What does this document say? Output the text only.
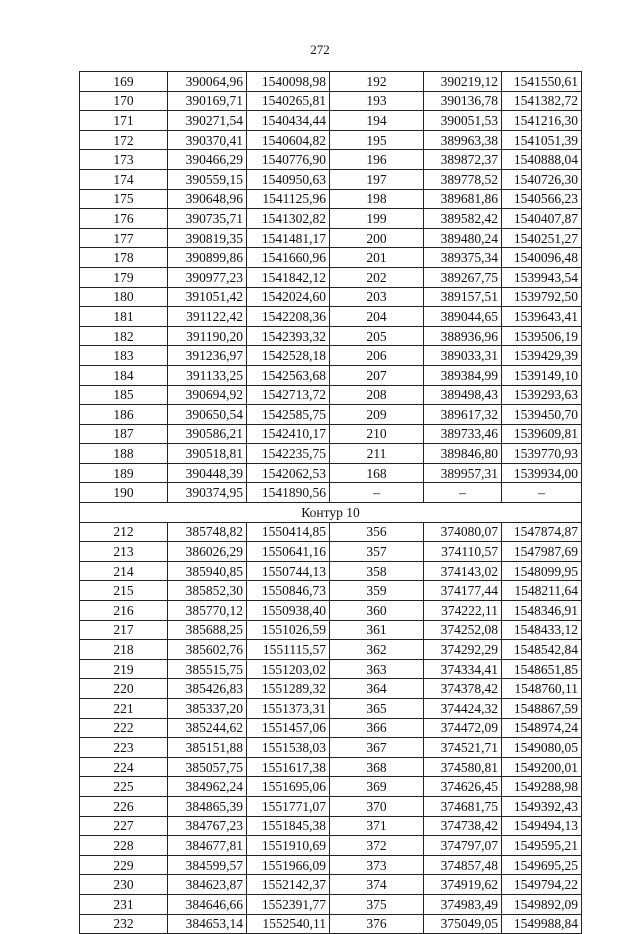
272
169	390064,96	1540098,98	192	390219,12	1541550,61
170	390169,71	1540265,81	193	390136,78	1541382,72
171	390271,54	1540434,44	194	390051,53	1541216,30
172	390370,41	1540604,82	195	389963,38	1541051,39
173	390466,29	1540776,90	196	389872,37	1540888,04
174	390559,15	1540950,63	197	389778,52	1540726,30
175	390648,96	1541125,96	198	389681,86	1540566,23
176	390735,71	1541302,82	199	389582,42	1540407,87
177	390819,35	1541481,17	200	389480,24	1540251,27
178	390899,86	1541660,96	201	389375,34	1540096,48
179	390977,23	1541842,12	202	389267,75	1539943,54
180	391051,42	1542024,60	203	389157,51	1539792,50
181	391122,42	1542208,36	204	389044,65	1539643,41
182	391190,20	1542393,32	205	388936,96	1539506,19
183	391236,97	1542528,18	206	389033,31	1539429,39
184	391133,25	1542563,68	207	389384,99	1539149,10
185	390694,92	1542713,72	208	389498,43	1539293,63
186	390650,54	1542585,75	209	389617,32	1539450,70
187	390586,21	1542410,17	210	389733,46	1539609,81
188	390518,81	1542235,75	211	389846,80	1539770,93
189	390448,39	1542062,53	168	389957,31	1539934,00
190	390374,95	1541890,56	–	–	–
Контур 10					
212	385748,82	1550414,85	356	374080,07	1547874,87
213	386026,29	1550641,16	357	374110,57	1547987,69
214	385940,85	1550744,13	358	374143,02	1548099,95
215	385852,30	1550846,73	359	374177,44	1548211,64
216	385770,12	1550938,40	360	374222,11	1548346,91
217	385688,25	1551026,59	361	374252,08	1548433,12
218	385602,76	1551115,57	362	374292,29	1548542,84
219	385515,75	1551203,02	363	374334,41	1548651,85
220	385426,83	1551289,32	364	374378,42	1548760,11
221	385337,20	1551373,31	365	374424,32	1548867,59
222	385244,62	1551457,06	366	374472,09	1548974,24
223	385151,88	1551538,03	367	374521,71	1549080,05
224	385057,75	1551617,38	368	374580,81	1549200,01
225	384962,24	1551695,06	369	374626,45	1549288,98
226	384865,39	1551771,07	370	374681,75	1549392,43
227	384767,23	1551845,38	371	374738,42	1549494,13
228	384677,81	1551910,69	372	374797,07	1549595,21
229	384599,57	1551966,09	373	374857,48	1549695,25
230	384623,87	1552142,37	374	374919,62	1549794,22
231	384646,66	1552391,77	375	374983,49	1549892,09
232	384653,14	1552540,11	376	375049,05	1549988,84
